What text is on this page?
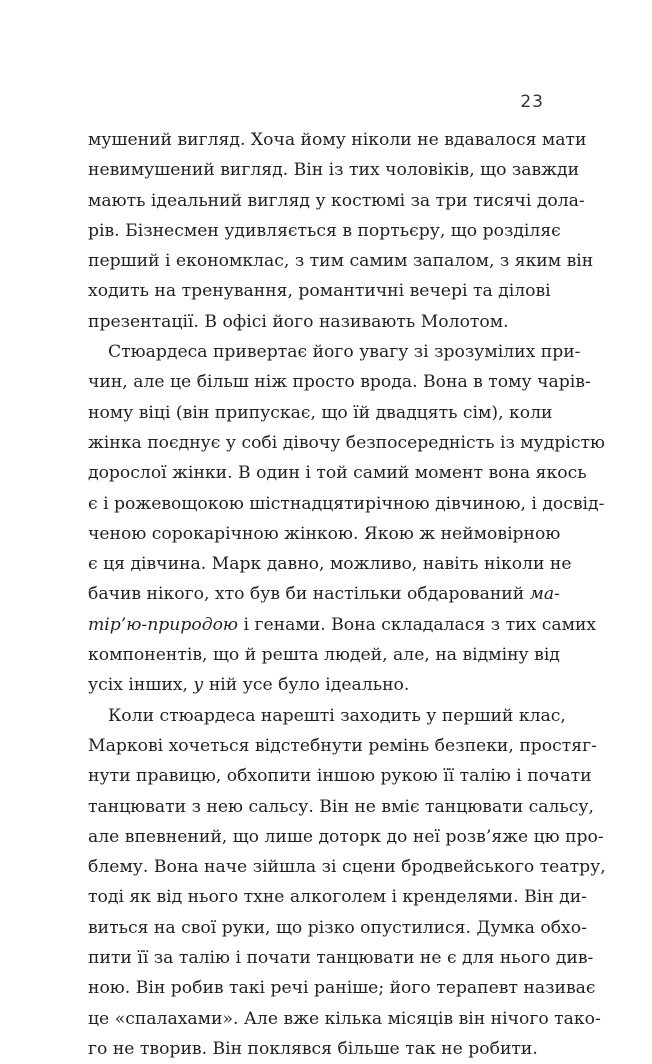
23
мушений вигляд. Хоча йому ніколи не вдавалося мати
невимушений вигляд. Він із тих чоловіків, що завжди
мають ідеальний вигляд у костюмі за три тисячі дола-
рів. Бізнесмен удивляється в портьєру, що розділяє
перший і економклас, з тим самим запалом, з яким він
ходить на тренування, романтичні вечері та ділові
презентації. В офісі його називають Молотом.
Стюардеса привертає його увагу зі зрозумілих при-
чин, але це більш ніж просто врода. Вона в тому чарів-
ному віці (він припускає, що їй двадцять сім), коли
жінка поєднує у собі дівочу безпосередність із мудрістю
дорослої жінки. В один і той самий момент вона якось
є і рожевощокою шістнадцятирічною дівчиною, і досвід-
ченою сорокарічною жінкою. Якою ж неймовірною
є ця дівчина. Марк давно, можливо, навіть ніколи не
бачив нікого, хто був би настільки обдарований ма-
тір’ю-природою і генами. Вона складалася з тих самих
компонентів, що й решта людей, але, на відміну від
усіх інших, у ній усе було ідеально.
Коли стюардеса нарешті заходить у перший клас,
Маркові хочеться відстебнути ремінь безпеки, простяг-
нути правицю, обхопити іншою рукою її талію і почати
танцювати з нею сальсу. Він не вміє танцювати сальсу,
але впевнений, що лише доторк до неї розв’яже цю про-
блему. Вона наче зійшла зі сцени бродвейського театру,
тоді як від нього тхне алкоголем і кренделями. Він ди-
виться на свої руки, що різко опустилися. Думка обхо-
пити її за талію і почати танцювати не є для нього див-
ною. Він робив такі речі раніше; його терапевт називає
це «спалахами». Але вже кілька місяців він нічого тако-
го не творив. Він поклявся більше так не робити.
